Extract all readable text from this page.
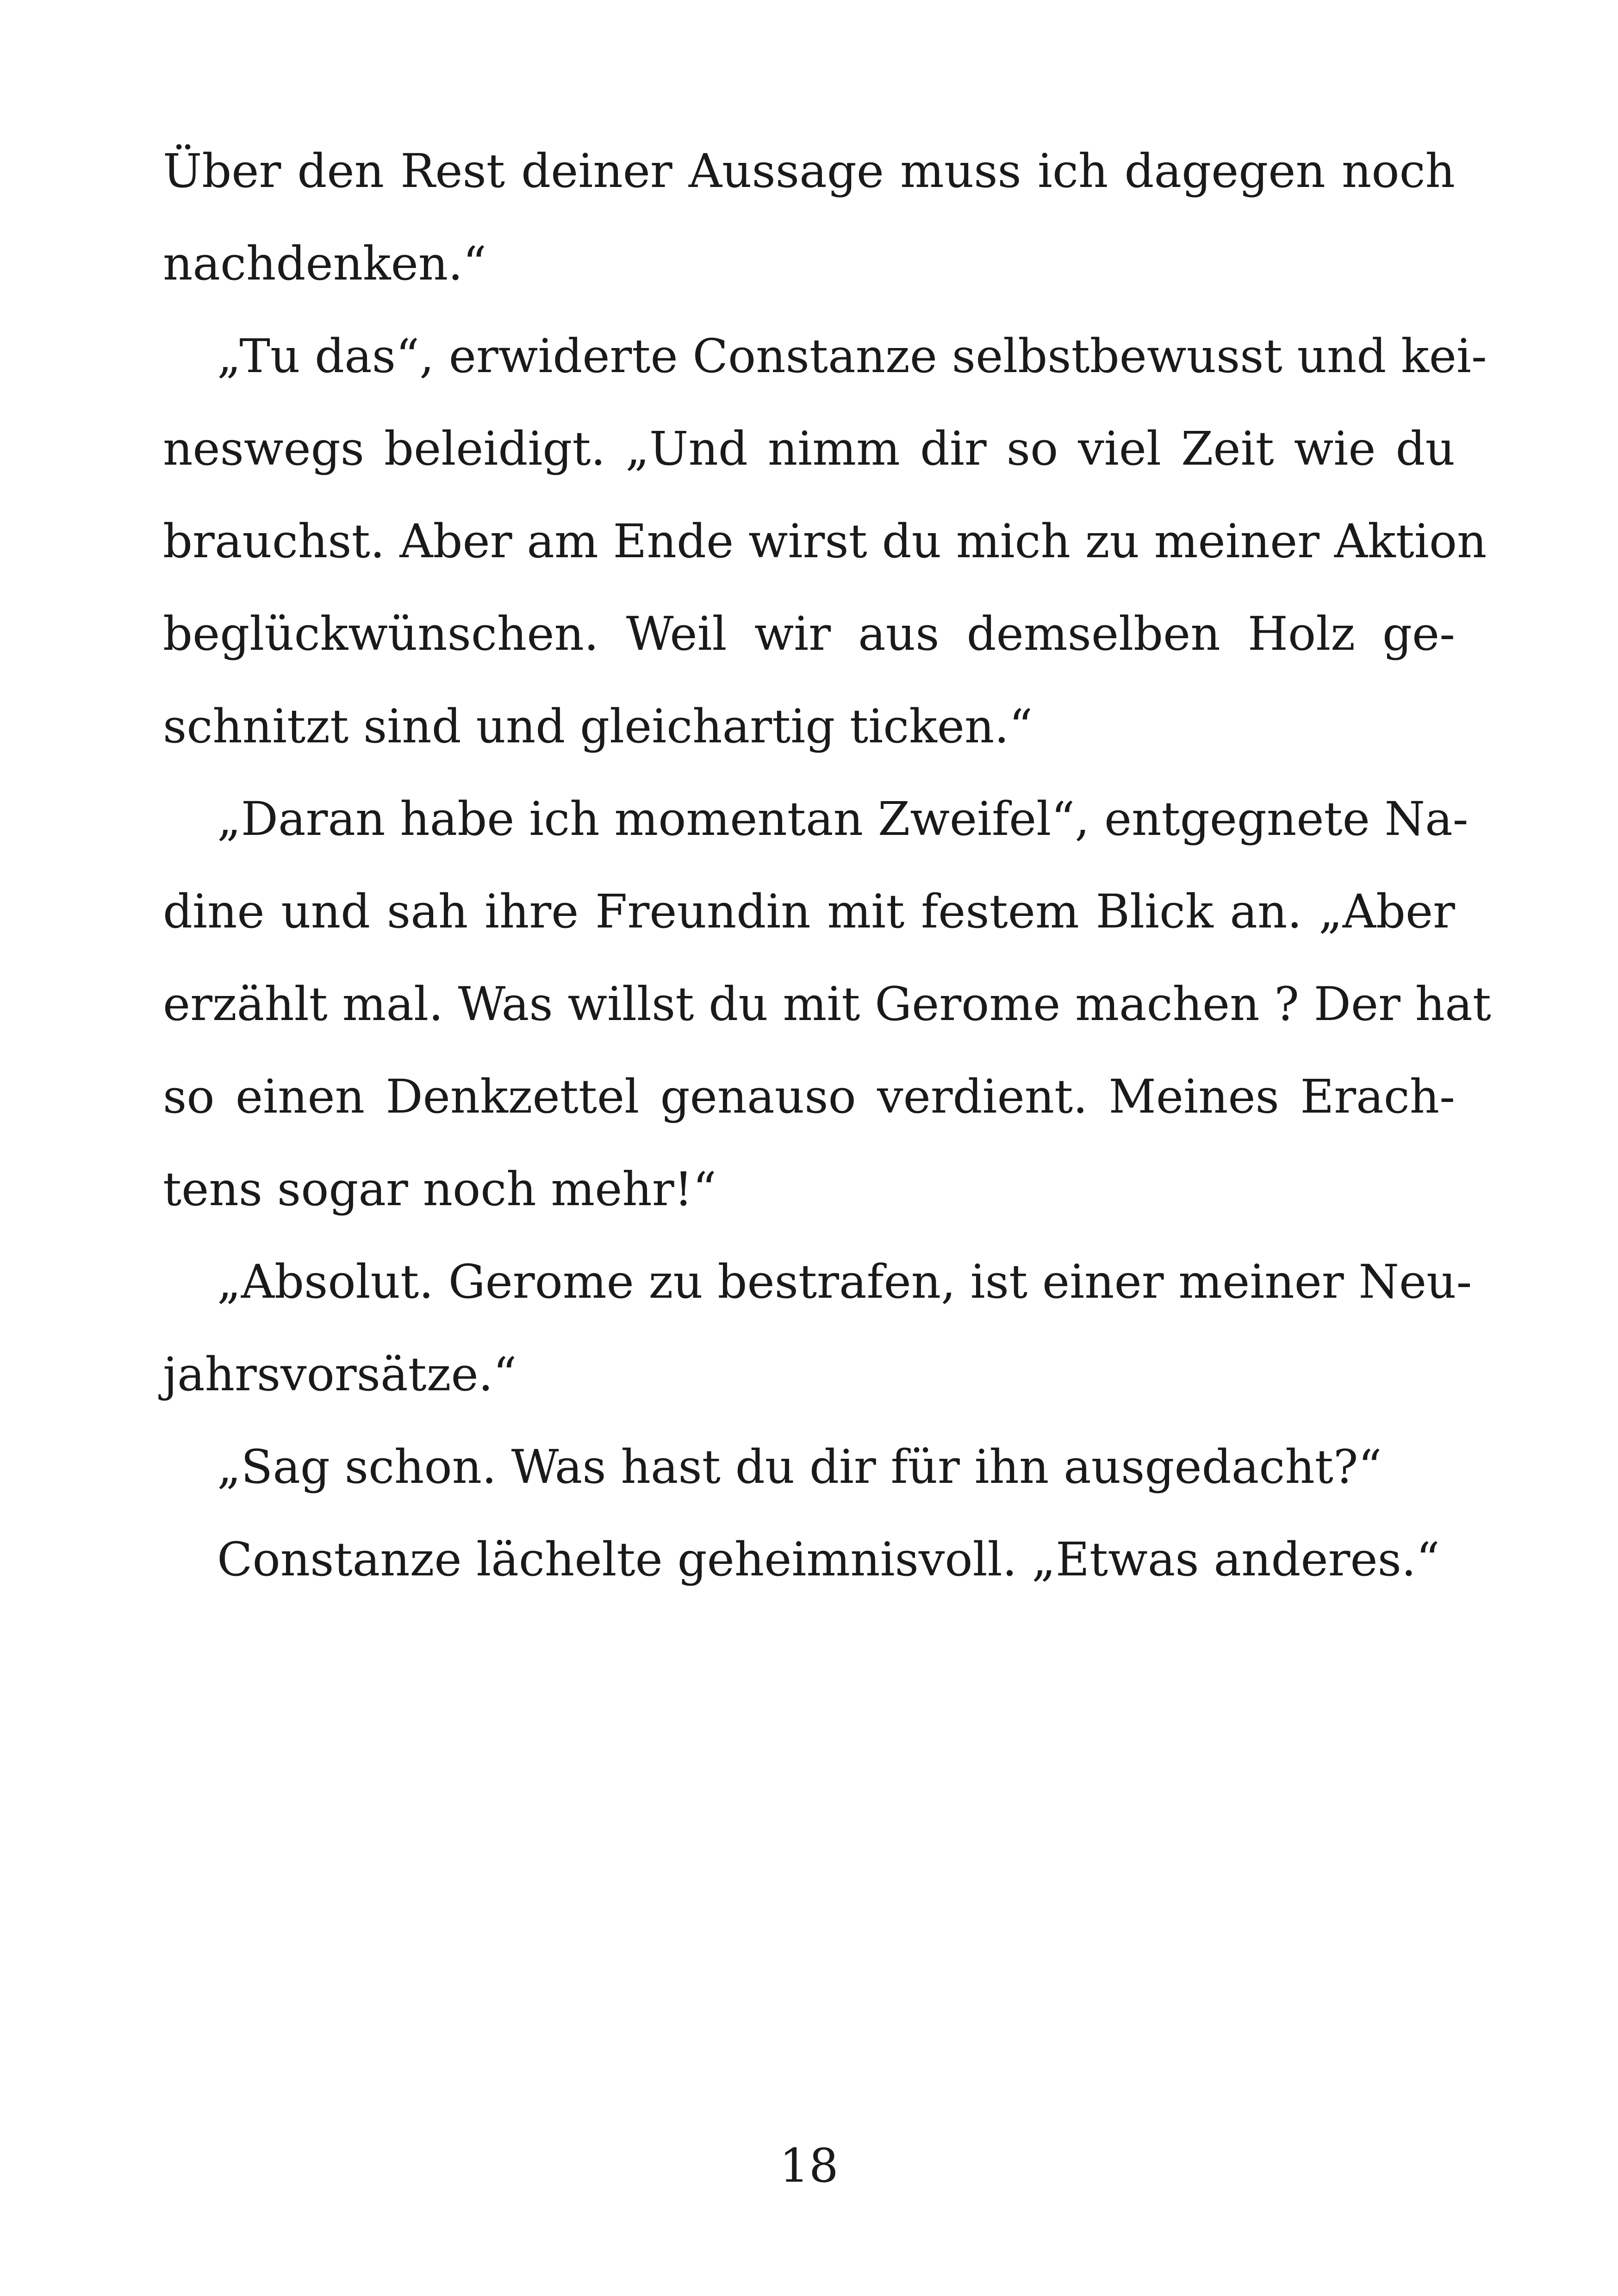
Über den Rest deiner Aussage muss ich dagegen noch
nachdenken.“
„Tu das“, erwiderte Constanze selbstbewusst und kei-
neswegs beleidigt. „Und nimm dir so viel Zeit wie du
brauchst. Aber am Ende wirst du mich zu meiner Aktion
beglückwünschen. Weil wir aus demselben Holz ge-
schnitzt sind und gleichartig ticken.“
„Daran habe ich momentan Zweifel“, entgegnete Na-
dine und sah ihre Freundin mit festem Blick an. „Aber
erzählt mal. Was willst du mit Gerome machen ? Der hat
so einen Denkzettel genauso verdient. Meines Erach-
tens sogar noch mehr!“
„Absolut. Gerome zu bestrafen, ist einer meiner Neu-
jahrsvorsätze.“
„Sag schon. Was hast du dir für ihn ausgedacht?“
Constanze lächelte geheimnisvoll. „Etwas anderes.“
18
